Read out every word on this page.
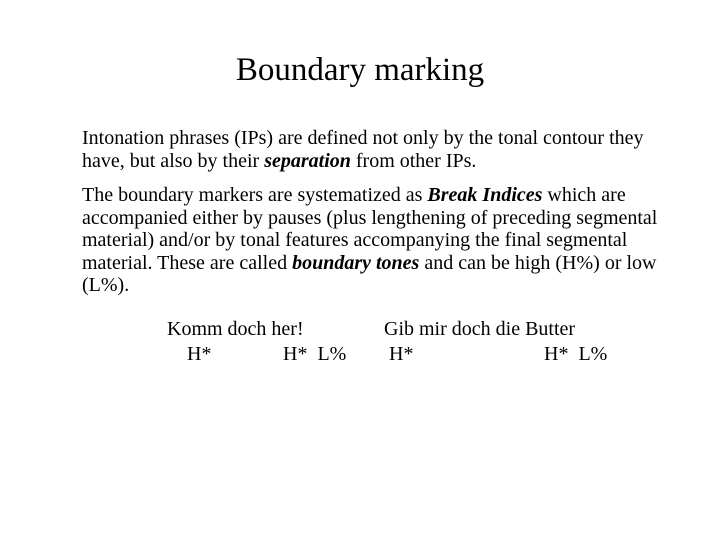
Boundary marking

Intonation phrases (IPs) are defined not only by the tonal contour they have, but also by their separation from other IPs.

The boundary markers are systematized as Break Indices which are accompanied either by pauses (plus lengthening of preceding segmental material) and/or by tonal features accompanying the final segmental material. These are called boundary tones and can be high (H%) or low (L%).

Komm doch her!
H*	H*  L%
Gib mir doch die Butter
H*	H*  L%
